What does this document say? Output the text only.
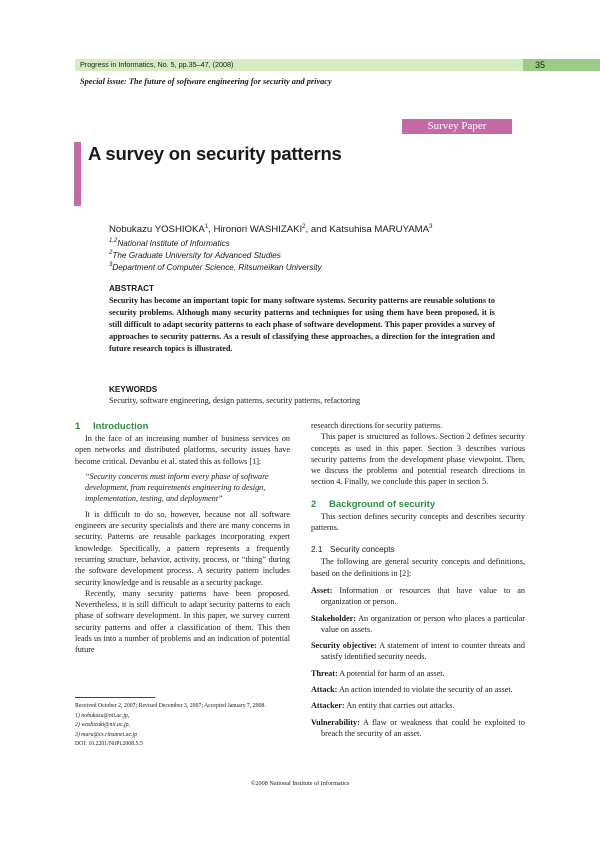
Progress in Informatics, No. 5, pp.35–47, (2008)	35
Special issue: The future of software engineering for security and privacy
Survey Paper
A survey on security patterns
Nobukazu YOSHIOKA$^1$, Hironori WASHIZAKI$^2$, and Katsuhisa MARUYAMA$^3$
$^{1,2}$National Institute of Informatics
$^2$The Graduate University for Advanced Studies
$^3$Department of Computer Science, Ritsumeikan University
ABSTRACT
Security has become an important topic for many software systems. Security patterns are reusable solutions to security problems. Although many security patterns and techniques for using them have been proposed, it is still difficult to adapt security patterns to each phase of software development. This paper provides a survey of approaches to security patterns. As a result of classifying these approaches, a direction for the integration and future research topics is illustrated.
KEYWORDS
Security, software engineering, design patterns, security patterns, refactoring
1 Introduction

In the face of an increasing number of business services on open networks and distributed platforms, security issues have become critical. Devanbu et al. stated this as follows [1]:

“Security concerns must inform every phase of software development, from requirements engineering to design, implementation, testing, and deployment”

It is difficult to do so, however, because not all software engineers are security specialists and there are many concerns in security. Patterns are reusable packages incorporating expert knowledge. Specifically, a pattern represents a frequently recurring structure, behavior, activity, process, or “thing” during the software development process. A security pattern includes security knowledge and is reusable as a security package.

Recently, many security patterns have been proposed. Nevertheless, it is still difficult to adapt security patterns to each phase of software development. In this paper, we survey current security patterns and offer a classification of them. This then leads us into a number of problems and an indication of potential future

Received October 2, 2007; Revised December 3, 2007; Accepted January 7, 2008.
1) nobukazu@nii.ac.jp,
2) washizaki@nii.ac.jp,
3) maru@cs.ritsumei.ac.jp
DOI: 10.2201/NiiPi.2008.5.5

research directions for security patterns.

This paper is structured as follows. Section 2 defines security concepts as used in this paper. Section 3 describes various security patterns from the development phase viewpoint. Then, we discuss the problems and potential research directions in section 4. Finally, we conclude this paper in section 5.

2 Background of security

This section defines security concepts and describes security patterns.

2.1 Security concepts

The following are general security concepts and definitions, based on the definitions in [2]:

Asset: Information or resources that have value to an organization or person.

Stakeholder: An organization or person who places a particular value on assets.

Security objective: A statement of intent to counter threats and satisfy identified security needs.

Threat: A potential for harm of an asset.

Attack: An action intended to violate the security of an asset.

Attacker: An entity that carries out attacks.

Vulnerability: A flaw or weakness that could be exploited to breach the security of an asset.

©2008 National Institute of Informatics
